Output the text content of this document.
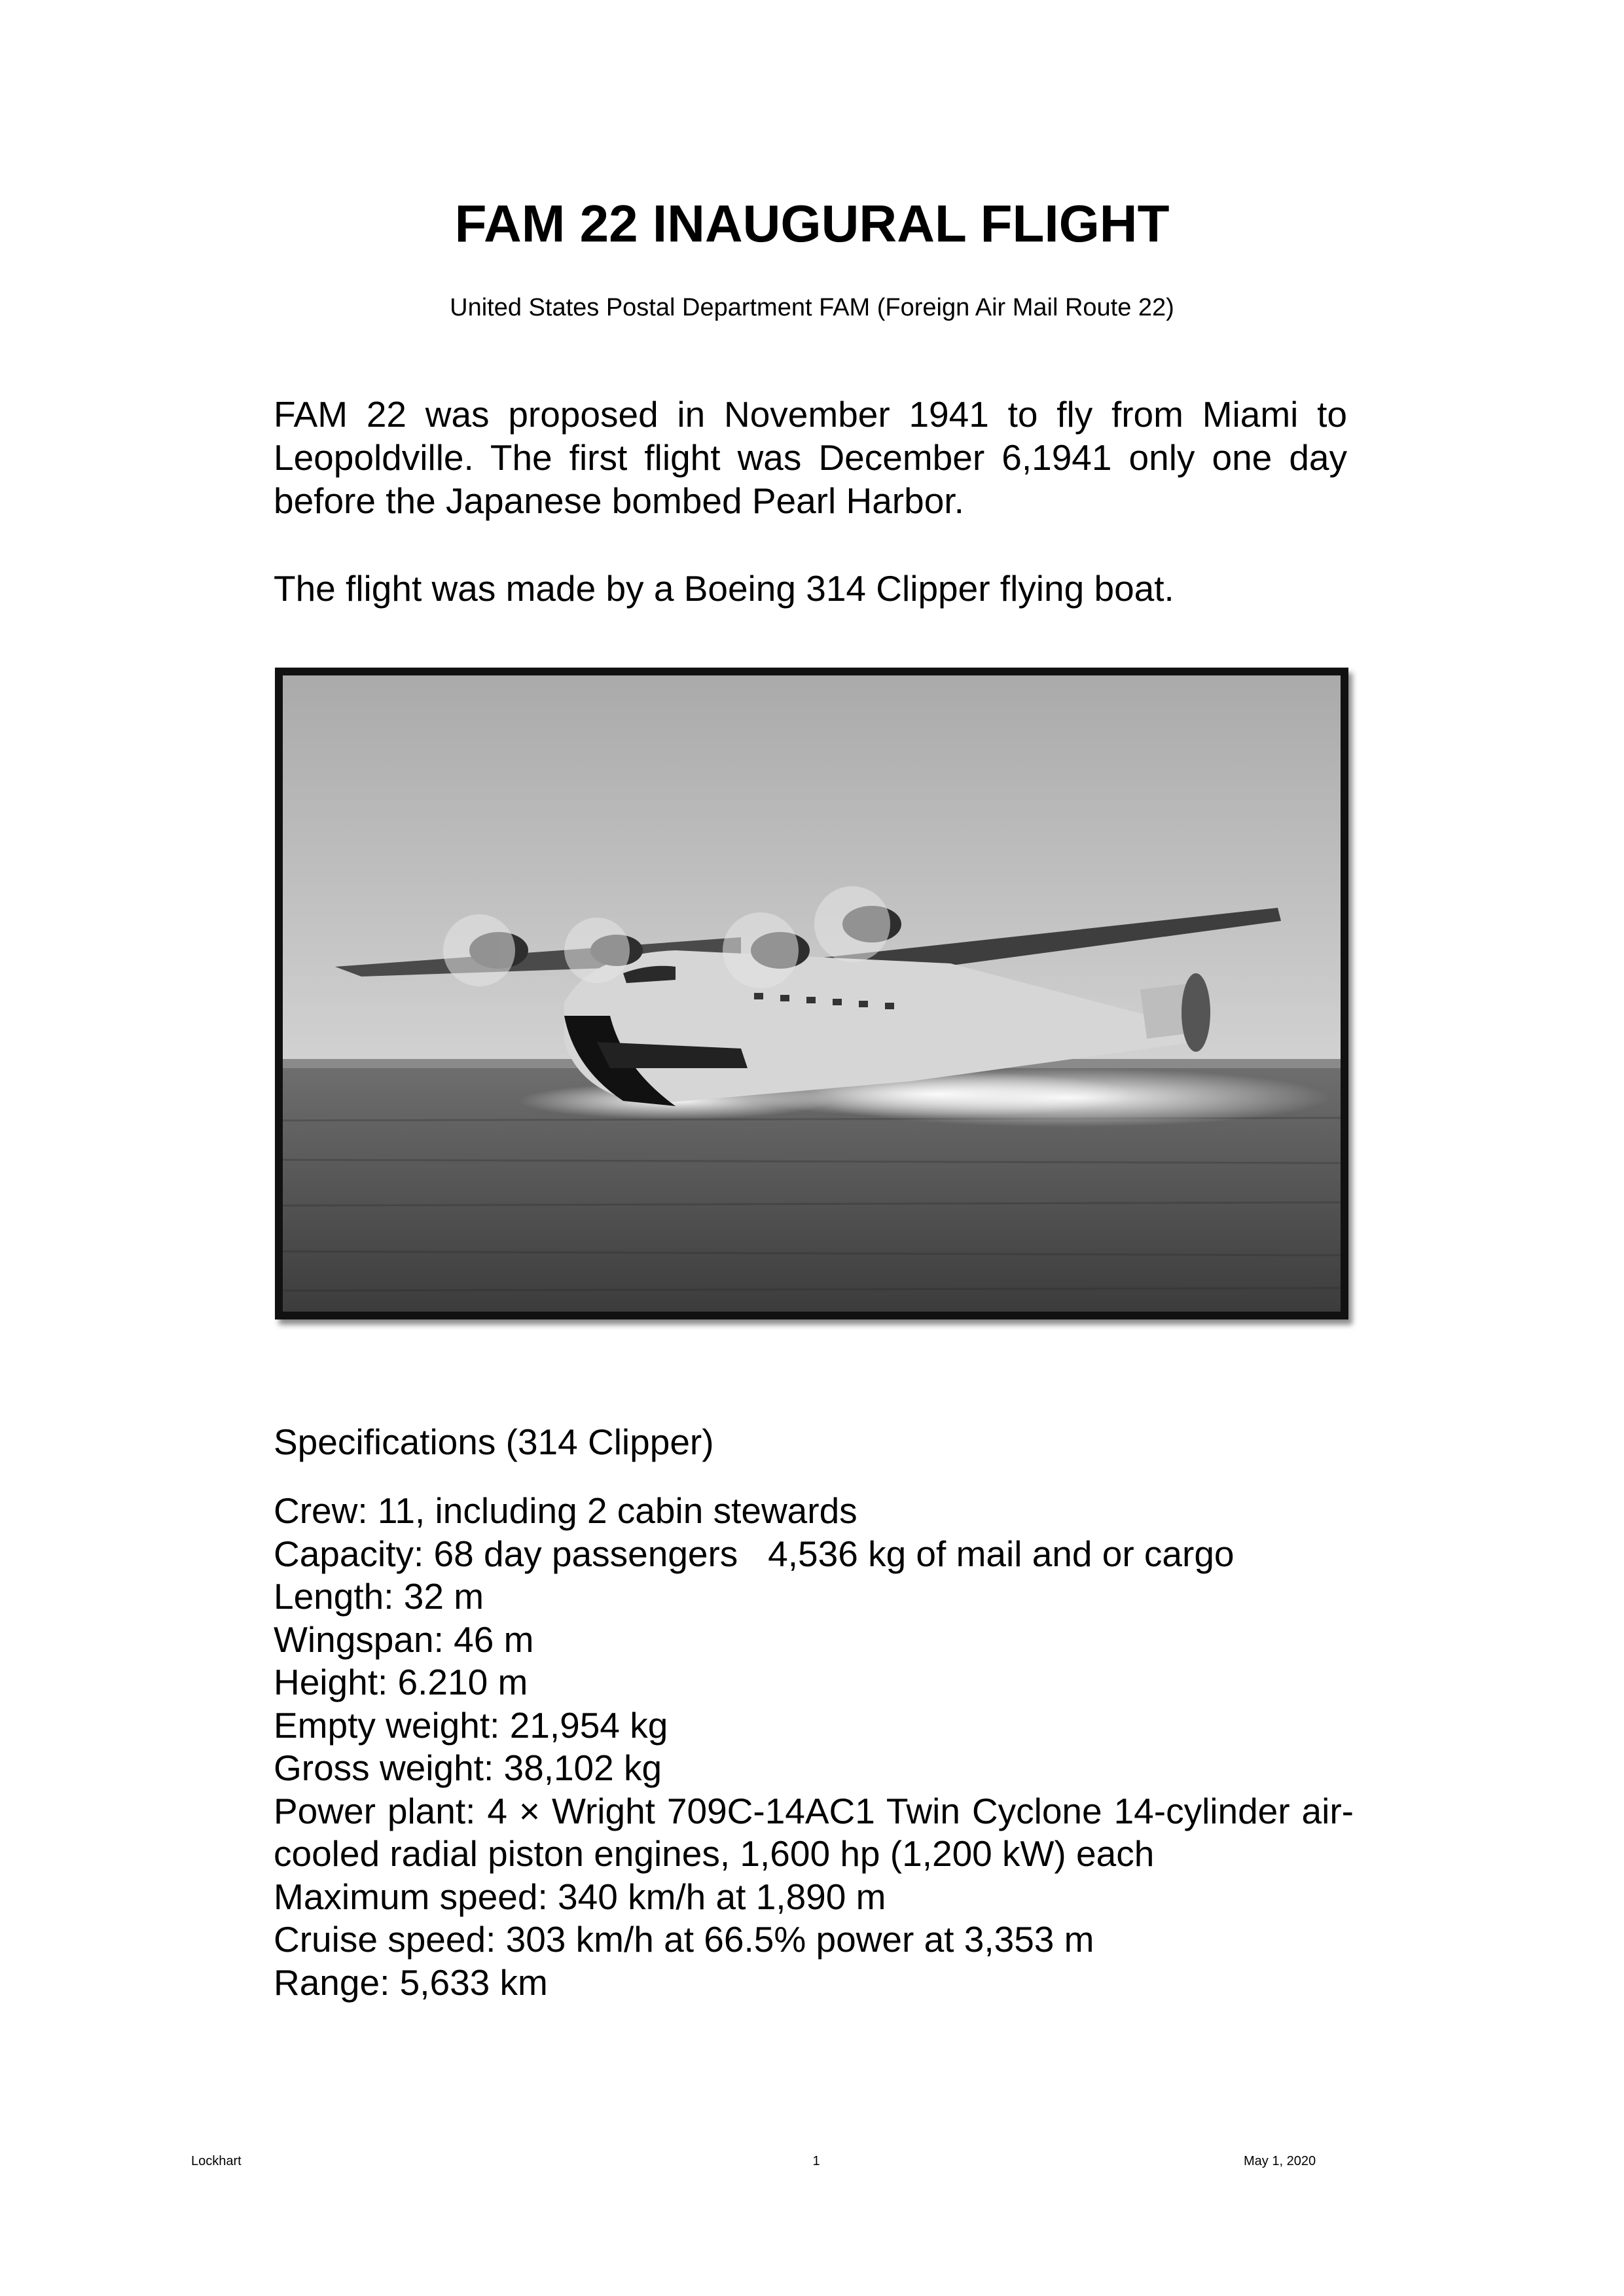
FAM 22 INAUGURAL FLIGHT

United States Postal Department FAM (Foreign Air Mail Route 22)

FAM 22 was proposed in November 1941 to fly from Miami to Leopoldville. The first flight was December 6,1941 only one day before the Japanese bombed Pearl Harbor.

The flight was made by a Boeing 314 Clipper flying boat.

Specifications (314 Clipper)

Crew: 11, including 2 cabin stewards
Capacity: 68 day passengers   4,536 kg of mail and or cargo
Length: 32 m
Wingspan: 46 m
Height: 6.210 m
Empty weight: 21,954 kg
Gross weight: 38,102 kg
Power plant: 4 × Wright 709C-14AC1 Twin Cyclone 14-cylinder air-cooled radial piston engines, 1,600 hp (1,200 kW) each
Maximum speed: 340 km/h at 1,890 m
Cruise speed: 303 km/h at 66.5% power at 3,353 m
Range: 5,633 km
Lockhart	1	May 1, 2020
